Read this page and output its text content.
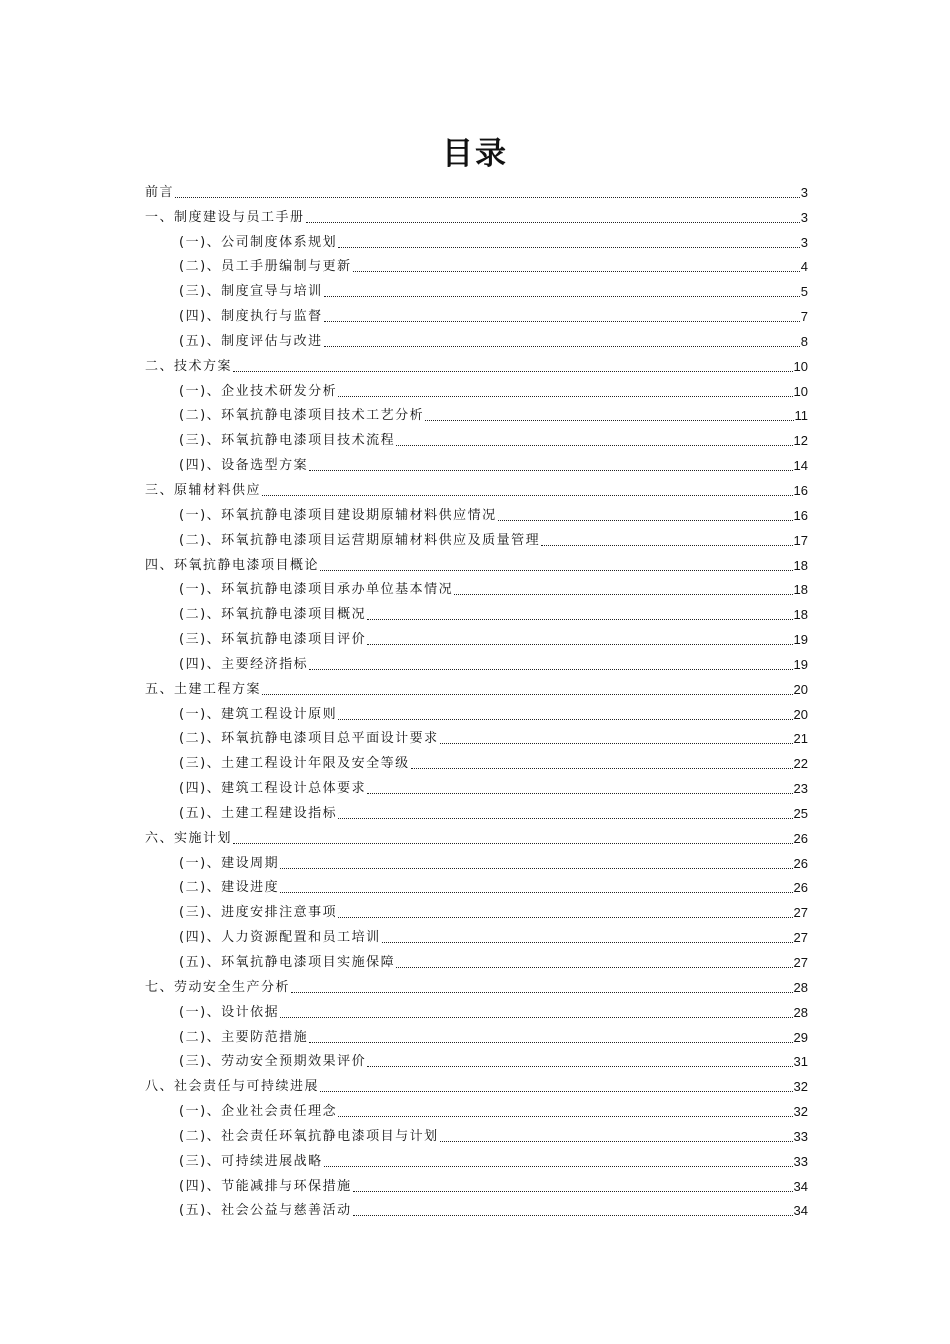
目录
前言	3
一、制度建设与员工手册	3
(一)、公司制度体系规划	3
(二)、员工手册编制与更新	4
(三)、制度宣导与培训	5
(四)、制度执行与监督	7
(五)、制度评估与改进	8
二、技术方案	10
(一)、企业技术研发分析	10
(二)、环氧抗静电漆项目技术工艺分析	11
(三)、环氧抗静电漆项目技术流程	12
(四)、设备选型方案	14
三、原辅材料供应	16
(一)、环氧抗静电漆项目建设期原辅材料供应情况	16
(二)、环氧抗静电漆项目运营期原辅材料供应及质量管理	17
四、环氧抗静电漆项目概论	18
(一)、环氧抗静电漆项目承办单位基本情况	18
(二)、环氧抗静电漆项目概况	18
(三)、环氧抗静电漆项目评价	19
(四)、主要经济指标	19
五、土建工程方案	20
(一)、建筑工程设计原则	20
(二)、环氧抗静电漆项目总平面设计要求	21
(三)、土建工程设计年限及安全等级	22
(四)、建筑工程设计总体要求	23
(五)、土建工程建设指标	25
六、实施计划	26
(一)、建设周期	26
(二)、建设进度	26
(三)、进度安排注意事项	27
(四)、人力资源配置和员工培训	27
(五)、环氧抗静电漆项目实施保障	27
七、劳动安全生产分析	28
(一)、设计依据	28
(二)、主要防范措施	29
(三)、劳动安全预期效果评价	31
八、社会责任与可持续进展	32
(一)、企业社会责任理念	32
(二)、社会责任环氧抗静电漆项目与计划	33
(三)、可持续进展战略	33
(四)、节能减排与环保措施	34
(五)、社会公益与慈善活动	34
